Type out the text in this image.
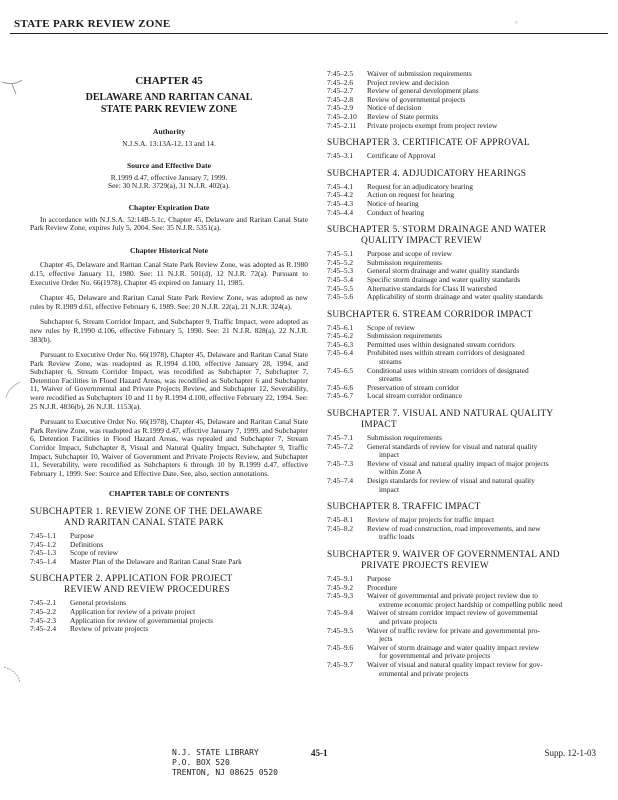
STATE PARK REVIEW ZONE	○
CHAPTER 45
DELAWARE AND RARITAN CANAL
STATE PARK REVIEW ZONE
Authority
N.J.S.A. 13:13A-12, 13 and 14.
Source and Effective Date
R.1999 d.47, effective January 7, 1999.
See: 30 N.J.R. 3729(a), 31 N.J.R. 402(a).
Chapter Expiration Date

In accordance with N.J.S.A. 52:14B-5.1c, Chapter 45, Delaware and Raritan Canal State Park Review Zone, expires July 5, 2004. See: 35 N.J.R. 5351(a).

Chapter Historical Note

Chapter 45, Delaware and Raritan Canal State Park Review Zone, was adopted as R.1980 d.15, effective January 11, 1980. See: 11 N.J.R. 501(d), 12 N.J.R. 72(a). Pursuant to Executive Order No. 66(1978), Chapter 45 expired on January 11, 1985.

Chapter 45, Delaware and Raritan Canal State Park Review Zone, was adopted as new rules by R.1989 d.61, effective February 6, 1989. See: 20 N.J.R. 22(a), 21 N.J.R. 324(a).

Subchapter 6, Stream Corridor Impact, and Subchapter 9, Traffic Impact, were adopted as new rules by R.1990 d.106, effective February 5, 1990. See: 21 N.J.R. 828(a), 22 N.J.R. 383(b).

Pursuant to Executive Order No. 66(1978), Chapter 45, Delaware and Raritan Canal State Park Review Zone, was readopted as R.1994 d.100, effective January 28, 1994, and Subchapter 6, Stream Corridor Impact, was recodified as Subchapter 7, Subchapter 7, Detention Facilities in Flood Hazard Areas, was recodified as Subchapter 6 and Subchapter 11, Waiver of Governmental and Private Projects Review, and Subchapter 12, Severability, were recodified as Subchapters 10 and 11 by R.1994 d.100, effective February 22, 1994. See: 25 N.J.R. 4836(b), 26 N.J.R. 1153(a).

Pursuant to Executive Order No. 66(1978), Chapter 45, Delaware and Raritan Canal State Park Review Zone, was readopted as R.1999 d.47, effective January 7, 1999, and Subchapter 6, Detention Facilities in Flood Hazard Areas, was repealed and Subchapter 7, Stream Corridor Impact, Subchapter 8, Visual and Natural Quality Impact, Subchapter 9, Traffic Impact, Subchapter 10, Waiver of Government and Private Projects Review, and Subchapter 11, Severability, were recodified as Subchapters 6 through 10 by R.1999 d.47, effective February 1, 1999. See: Source and Effective Date. See, also, section annotations.

CHAPTER TABLE OF CONTENTS
SUBCHAPTER 1. REVIEW ZONE OF THE DELAWARE
AND RARITAN CANAL STATE PARK
7:45–1.1	Purpose
7:45–1.2	Definitions
7:45–1.3	Scope of review
7:45–1.4	Master Plan of the Delaware and Raritan Canal State Park
SUBCHAPTER 2. APPLICATION FOR PROJECT
REVIEW AND REVIEW PROCEDURES
7:45–2.1	General provisions
7:45–2.2	Application for review of a private project
7:45–2.3	Application for review of governmental projects
7:45–2.4	Review of private projects
7:45–2.5	Waiver of submission requirements
7:45–2.6	Project review and decision
7:45–2.7	Review of general development plans
7:45–2.8	Review of governmental projects
7:45–2.9	Notice of decision
7:45–2.10	Review of State permits
7:45–2.11	Private projects exempt from project review
SUBCHAPTER 3. CERTIFICATE OF APPROVAL
7:45–3.1	Certificate of Approval
SUBCHAPTER 4. ADJUDICATORY HEARINGS
7:45–4.1	Request for an adjudicatory hearing
7:45–4.2	Action on request for hearing
7:45–4.3	Notice of hearing
7:45–4.4	Conduct of hearing
SUBCHAPTER 5. STORM DRAINAGE AND WATER
QUALITY IMPACT REVIEW
7:45–5.1	Purpose and scope of review
7:45–5.2	Submission requirements
7:45–5.3	General storm drainage and water quality standards
7:45–5.4	Specific storm drainage and water quality standards
7:45–5.5	Alternative standards for Class II watershed
7:45–5.6	Applicability of storm drainage and water quality standards
SUBCHAPTER 6. STREAM CORRIDOR IMPACT
7:45–6.1	Scope of review
7:45–6.2	Submission requirements
7:45–6.3	Permitted uses within designated stream corridors
7:45–6.4	Prohibited uses within stream corridors of designated
streams
7:45–6.5	Conditional uses within stream corridors of designated
streams
7:45–6.6	Preservation of stream corridor
7:45–6.7	Local stream corridor ordinance
SUBCHAPTER 7. VISUAL AND NATURAL QUALITY
IMPACT
7:45–7.1	Submission requirements
7:45–7.2	General standards of review for visual and natural quality
impact
7:45–7.3	Review of visual and natural quality impact of major projects
within Zone A
7:45–7.4	Design standards for review of visual and natural quality
impact
SUBCHAPTER 8. TRAFFIC IMPACT
7:45–8.1	Review of major projects for traffic impact
7:45–8.2	Review of road construction, road improvements, and new
traffic loads
SUBCHAPTER 9. WAIVER OF GOVERNMENTAL AND
PRIVATE PROJECTS REVIEW
7:45–9.1	Purpose
7:45–9.2	Procedure
7:45–9.3	Waiver of governmental and private project review due to
extreme economic project hardship or compelling public need
7:45–9.4	Waiver of stream corridor impact review of governmental
and private projects
7:45–9.5	Waiver of traffic review for private and governmental pro-
jects
7:45–9.6	Waiver of storm drainage and water quality impact review
for governmental and private projects
7:45–9.7	Waiver of visual and natural quality impact review for gov-
ernmental and private projects
N.J. STATE LIBRARY
P.O. BOX 520
TRENTON, NJ 08625 0520
45-1	Supp. 12-1-03
